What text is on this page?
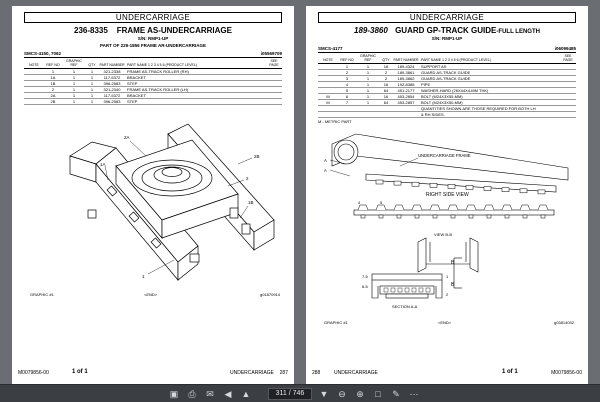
UNDERCARRIAGE
236-8335 FRAME AS-UNDERCARRIAGE
S/N: RMP1-UP
PART OF 229-1856 FRAME AR-UNDERCARRIAGE
SMCS-4150, 7062	i05569709
NOTE	REF NO	GRAPHIC REF	QTY	PART NUMBER	PART NAME 1 2 3 4 5 6 (PRODUCT LEVEL)	SEE PAGE
	1	1	1	321-2338	FRAME AS-TRACK ROLLER (RH)	
	1A	1	1	117-5372	BRACKET	
	1B	1	1	396-2583	STEP	
	2	1	1	321-2340	FRAME AS-TRACK ROLLER (LH)	
	2A	1	1	117-5372	BRACKET	
	2B	1	1	396-2583	STEP	
1A
2A
2B
2
1
1B
GRAPHIC #1	<END>	g01870914
M0079856-00	1 of 1	UNDERCARRIAGE 287
UNDERCARRIAGE
189-3860 GUARD GP-TRACK GUIDE-FULL LENGTH
S/N: RMP1-UP
SMCS-4177	i06099485
NOTE	REF NO	GRAPHIC REF	QTY	PART NUMBER	PART NAME 1 2 3 4 5 6 (PRODUCT LEVEL)	SEE PAGE
	1	1	16	189-4324	SUPPORT AS	
	2	1	2	189-3861	GUARD AS-TRACK GUIDE	
	3	1	2	189-3862	GUARD AS-TRACK GUIDE	
	4	1	16	192-8388	PIPE	
	5	1	64	451-2177	WASHER-HARD (26X44X4-MM THK)	
M	6	1	16	453-2854	BOLT (M24X3X55-MM)	
M	7	1	64	453-2857	BOLT (M24X3X50-MM)	
					QUANTITIES SHOWN ARE THOSE REQUIRED FOR BOTH LH	
					& RH SIDES.	
M - METRIC PART
UNDERCARRIAGE FRAME
A
A
RIGHT SIDE VIEW
4	5
VIEW B-B
7-5
6-5
1
2
B
B
SECTION A-A
GRAPHIC #1	<END>	g03814032
288	UNDERCARRIAGE	1 of 1	M0079856-00
▣ ⎙ ✉ ◀ ▲	311 / 746	▼ ⊖ ⊕	□	✎ ⋯
